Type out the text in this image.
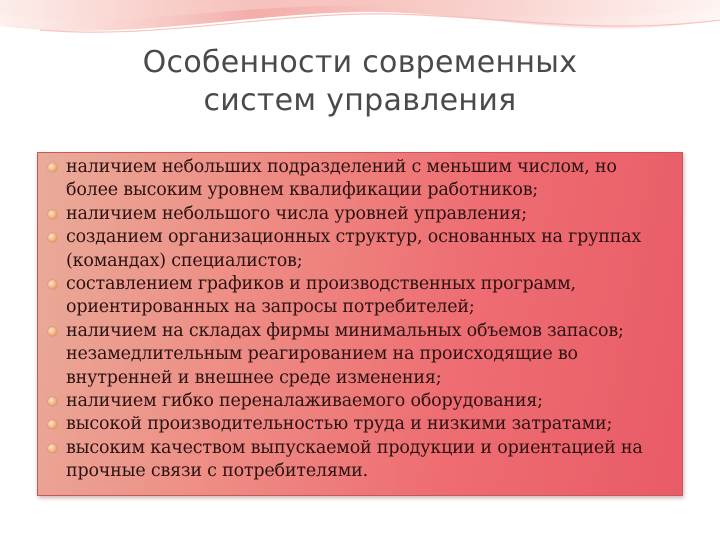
Особенности современных
систем управления
наличием небольших подразделений с меньшим числом, но более высоким уровнем квалификации работников;
наличием небольшого числа уровней управления;
созданием организационных структур, основанных на группах (командах) специалистов;
составлением графиков и производственных программ, ориентированных на запросы потребителей;
наличием на складах фирмы минимальных объемов запасов; незамедлительным реагированием на происходящие во внутренней и внешнее среде изменения;
наличием гибко переналаживаемого оборудования;
высокой производительностью труда и низкими затратами;
высоким качеством выпускаемой продукции и ориентацией на прочные связи с потребителями.
